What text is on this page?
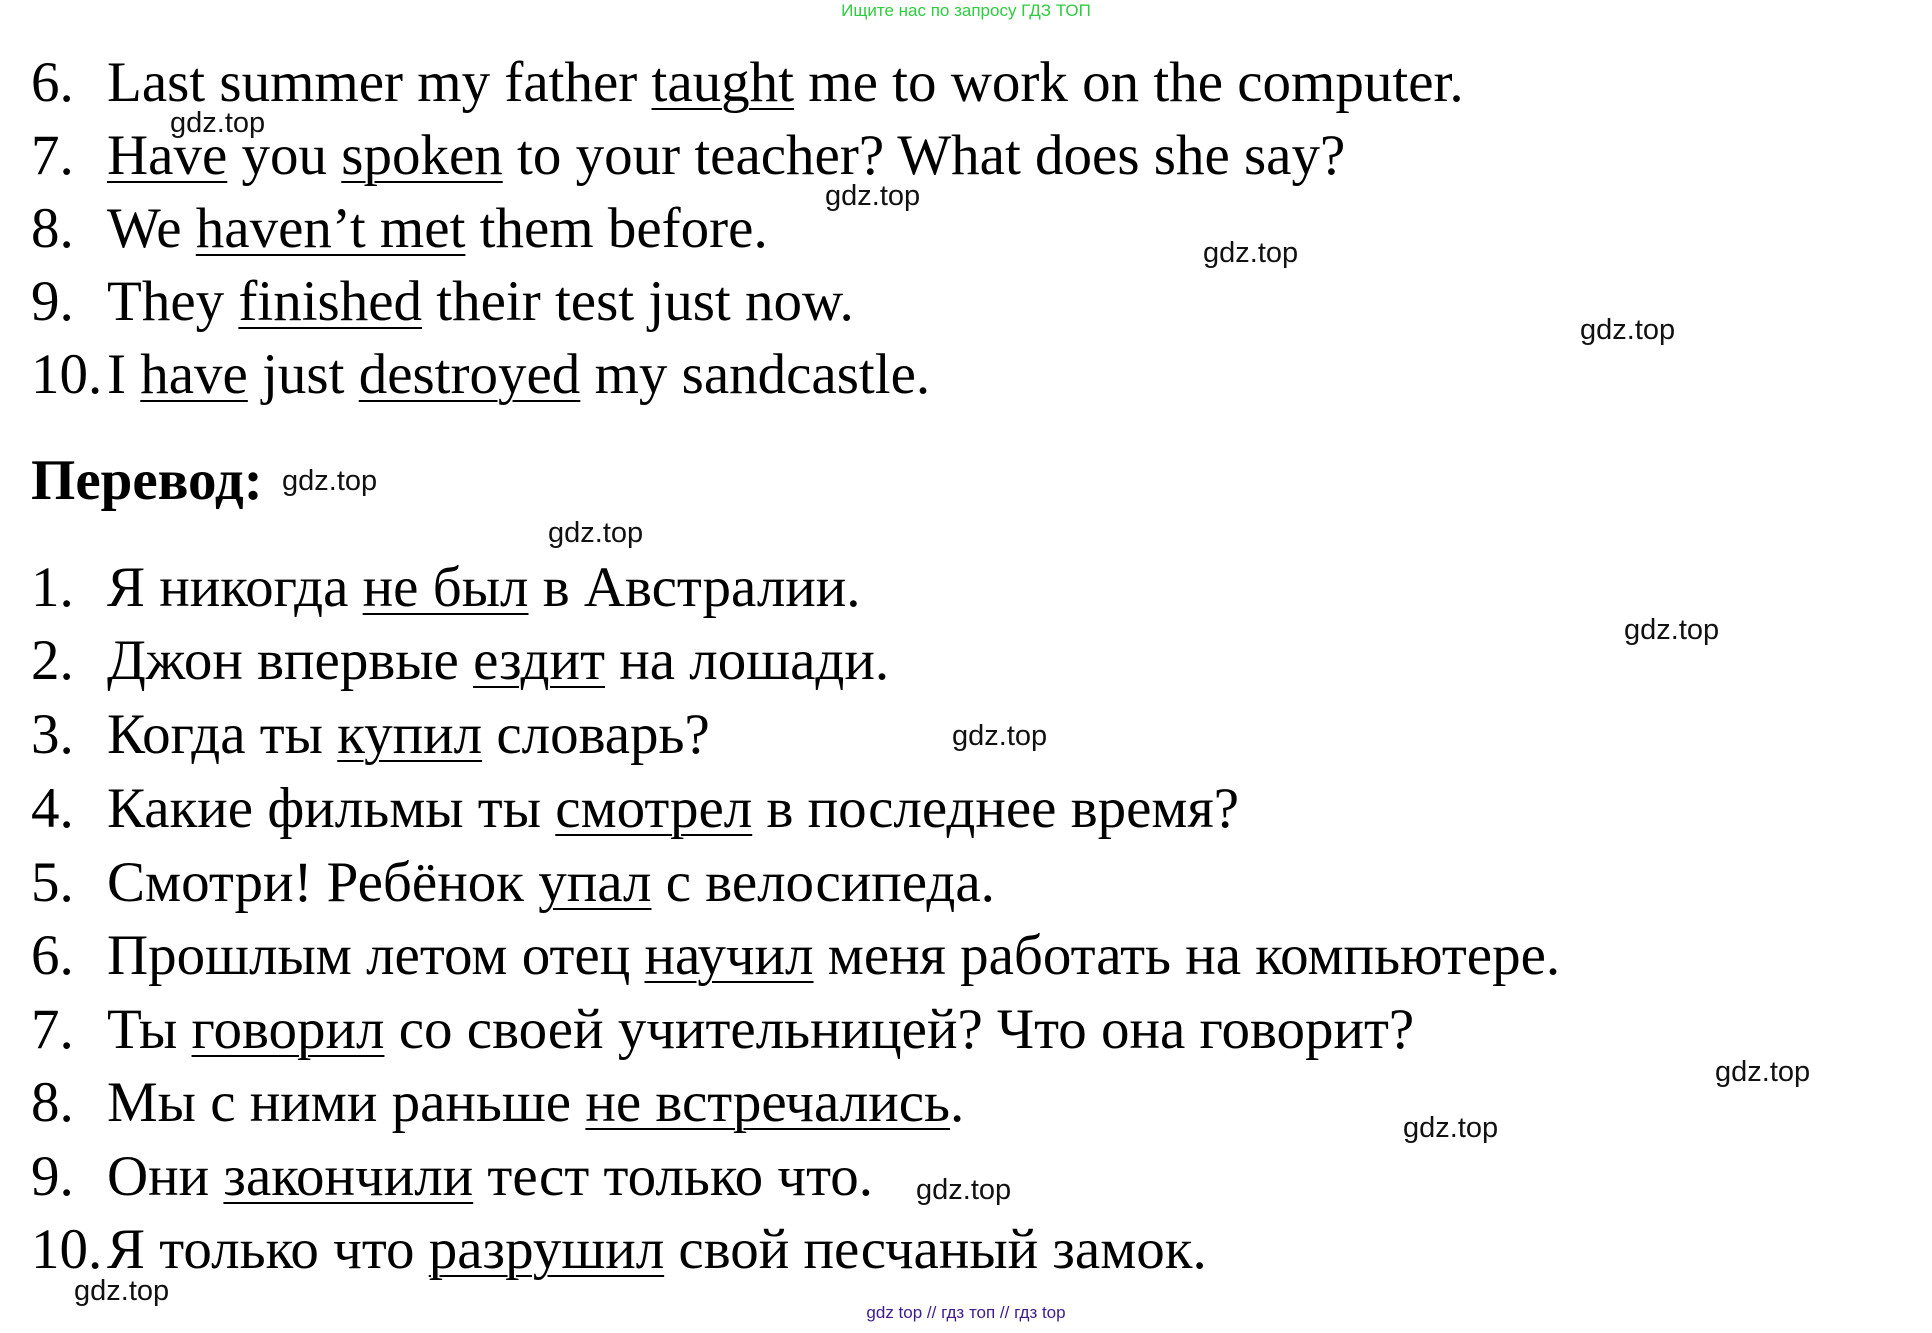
Ищите нас по запросу ГДЗ ТОП
6. Last summer my father taught me to work on the computer.
7. Have you spoken to your teacher? What does she say?
8. We haven’t met them before.
9. They finished their test just now.
10.I have just destroyed my sandcastle.
Перевод:
1. Я никогда не был в Австралии.
2. Джон впервые ездит на лошади.
3. Когда ты купил словарь?
4. Какие фильмы ты смотрел в последнее время?
5. Смотри! Ребёнок упал с велосипеда.
6. Прошлым летом отец научил меня работать на компьютере.
7. Ты говорил со своей учительницей? Что она говорит?
8. Мы с ними раньше не встречались.
9. Они закончили тест только что.
10.Я только что разрушил свой песчаный замок.
gdz.top
gdz.top
gdz.top
gdz.top
gdz.top
gdz.top
gdz.top
gdz.top
gdz.top
gdz.top
gdz.top
gdz.top
gdz top // гдз топ // гдз top
